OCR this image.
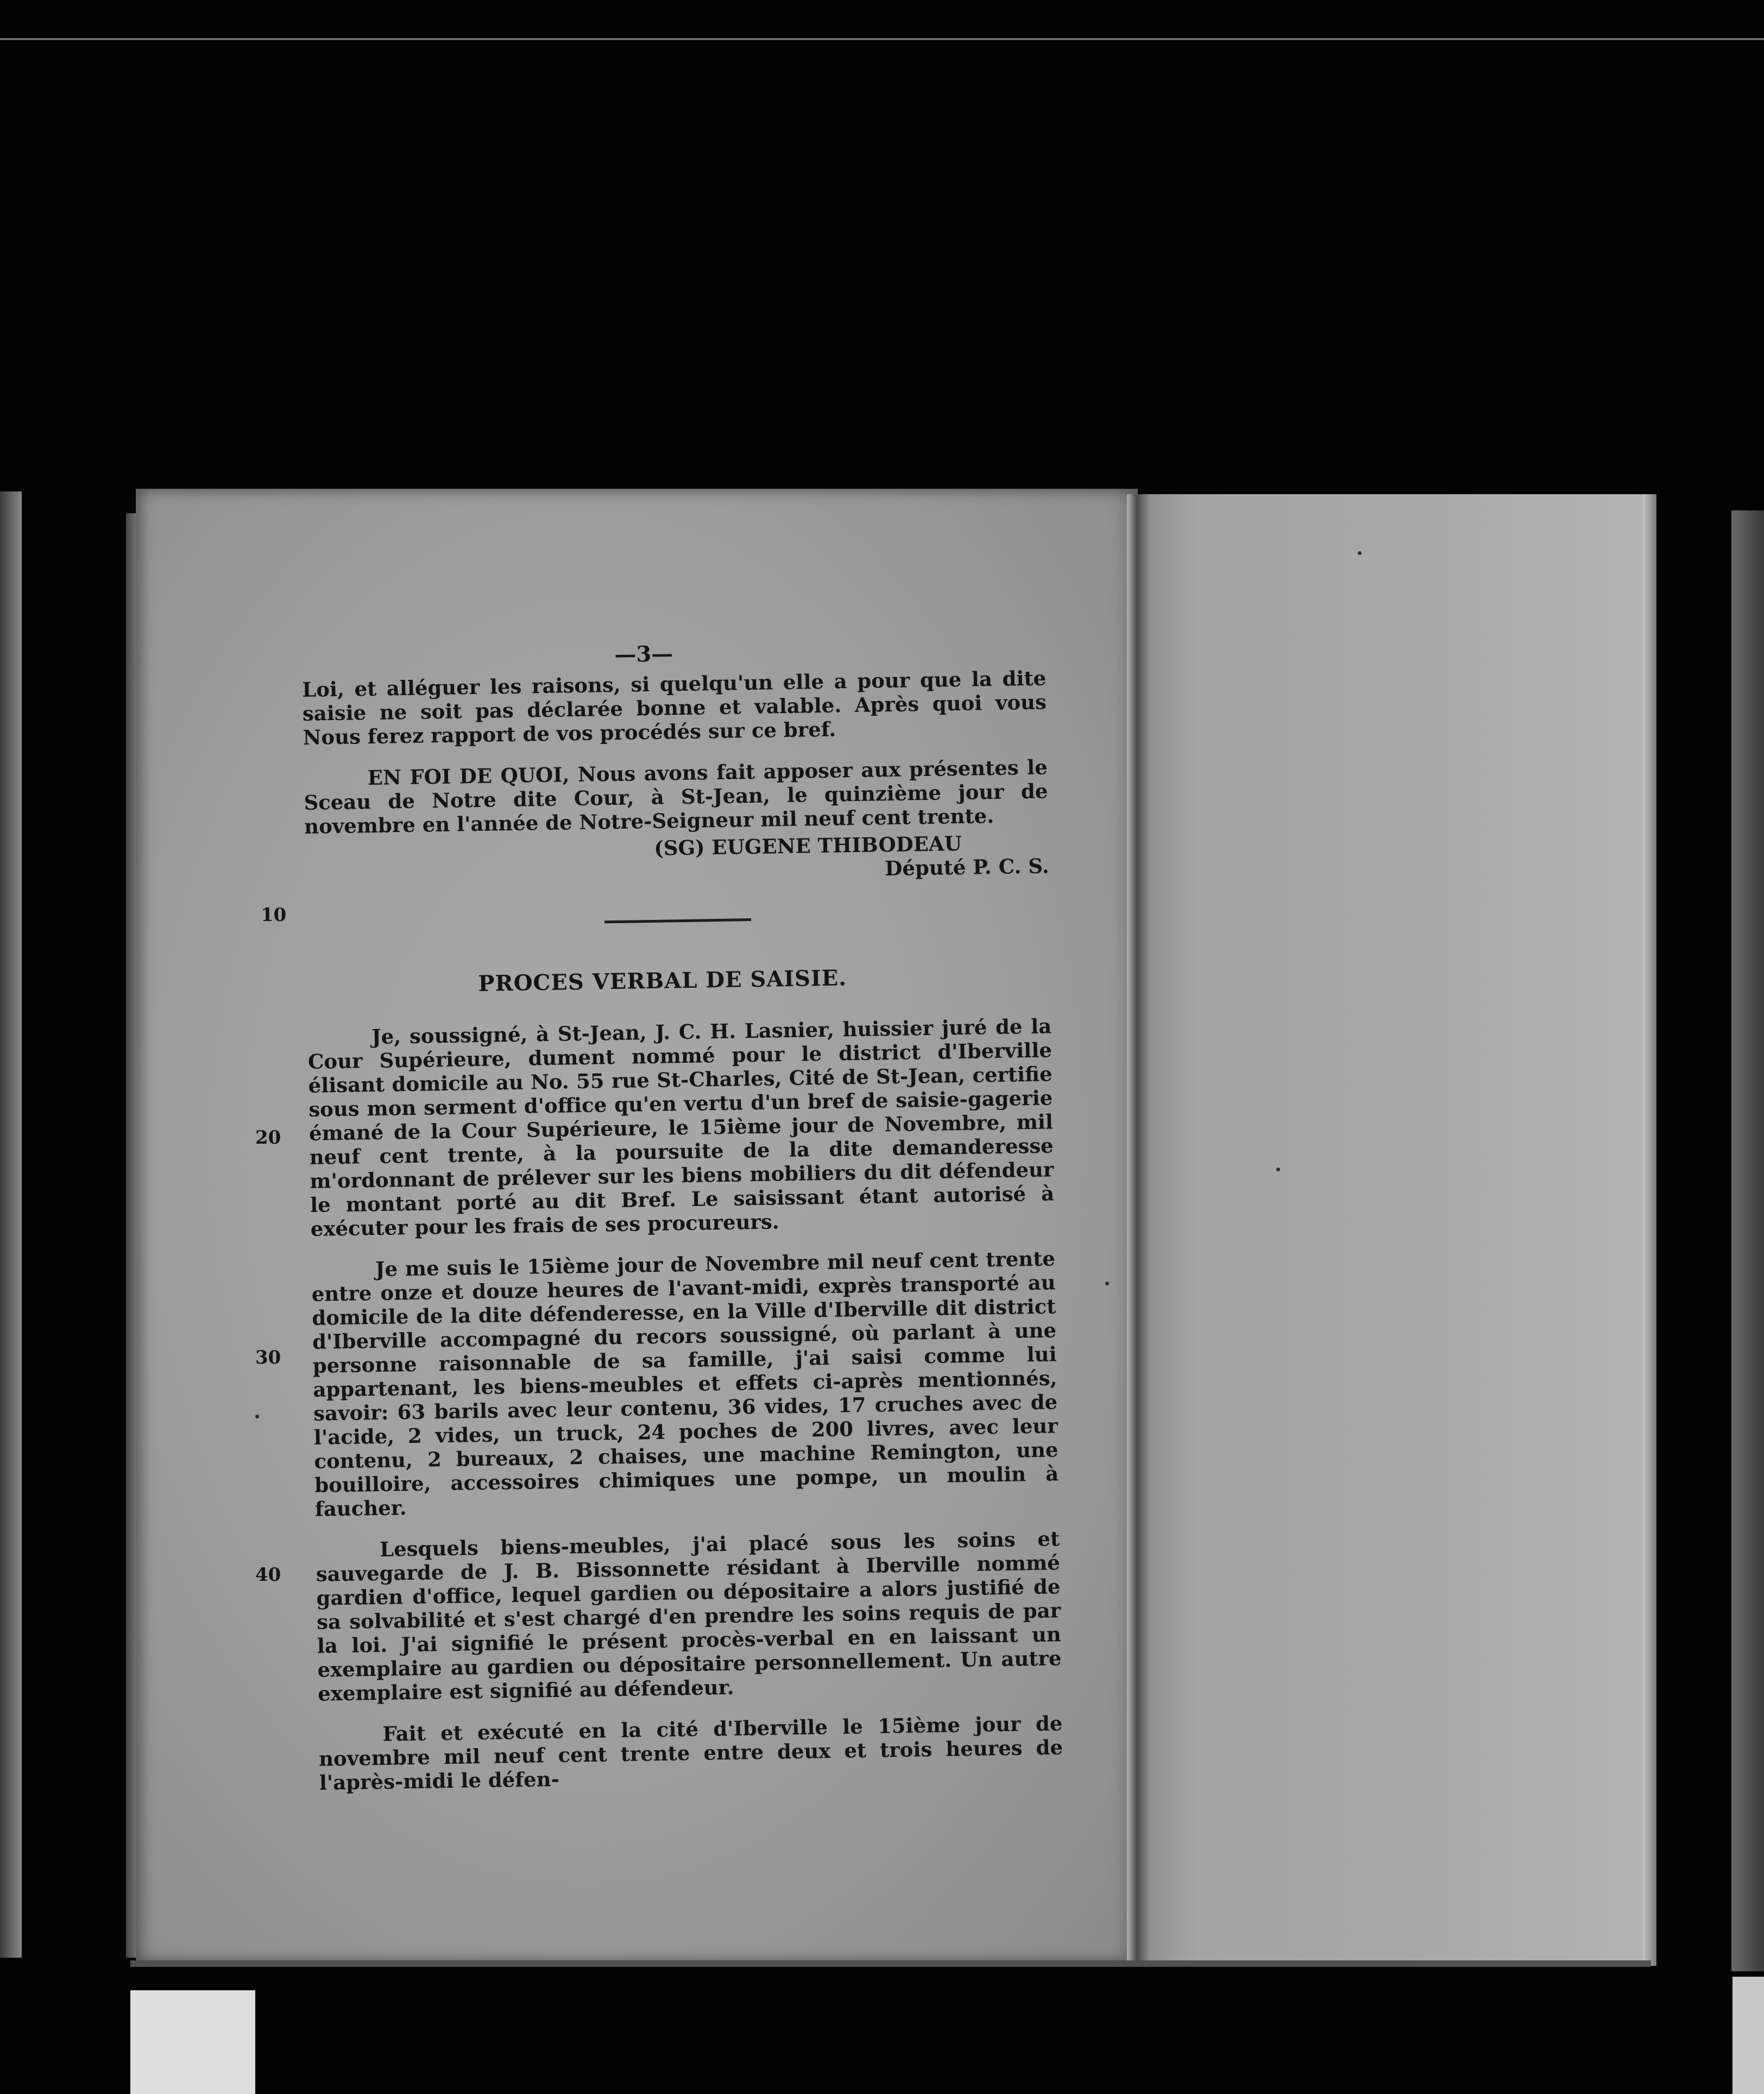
10
20
30
40
—3—

Loi, et alléguer les raisons, si quelqu'un elle a pour que la dite saisie ne soit pas déclarée bonne et valable. Après quoi vous Nous ferez rapport de vos procédés sur ce bref.

EN FOI DE QUOI, Nous avons fait apposer aux présentes le Sceau de Notre dite Cour, à St-Jean, le quinzième jour de novembre en l'année de Notre-Seigneur mil neuf cent trente.

(SG) EUGENE THIBODEAU

Député P. C. S.

PROCES VERBAL DE SAISIE.

Je, soussigné, à St-Jean, J. C. H. Lasnier, huissier juré de la Cour Supérieure, dument nommé pour le district d'Iberville élisant domicile au No. 55 rue St-Charles, Cité de St-Jean, certifie sous mon serment d'office qu'en vertu d'un bref de saisie-gagerie émané de la Cour Supérieure, le 15ième jour de Novembre, mil neuf cent trente, à la poursuite de la dite demanderesse m'ordonnant de prélever sur les biens mobiliers du dit défendeur le montant porté au dit Bref. Le saisissant étant autorisé à exécuter pour les frais de ses procureurs.

Je me suis le 15ième jour de Novembre mil neuf cent trente entre onze et douze heures de l'avant-midi, exprès transporté au domicile de la dite défenderesse, en la Ville d'Iberville dit district d'Iberville accompagné du recors soussigné, où parlant à une personne raisonnable de sa famille, j'ai saisi comme lui appartenant, les biens-meubles et effets ci-après mentionnés, savoir: 63 barils avec leur contenu, 36 vides, 17 cruches avec de l'acide, 2 vides, un truck, 24 poches de 200 livres, avec leur contenu, 2 bureaux, 2 chaises, une machine Remington, une bouilloire, accessoires chimiques une pompe, un moulin à faucher.

Lesquels biens-meubles, j'ai placé sous les soins et sauvegarde de J. B. Bissonnette résidant à Iberville nommé gardien d'office, lequel gardien ou dépositaire a alors justifié de sa solvabilité et s'est chargé d'en prendre les soins requis de par la loi. J'ai signifié le présent procès-verbal en en laissant un exemplaire au gardien ou dépositaire personnellement. Un autre exemplaire est signifié au défendeur.

Fait et exécuté en la cité d'Iberville le 15ième jour de novembre mil neuf cent trente entre deux et trois heures de l'après-midi le défen-
